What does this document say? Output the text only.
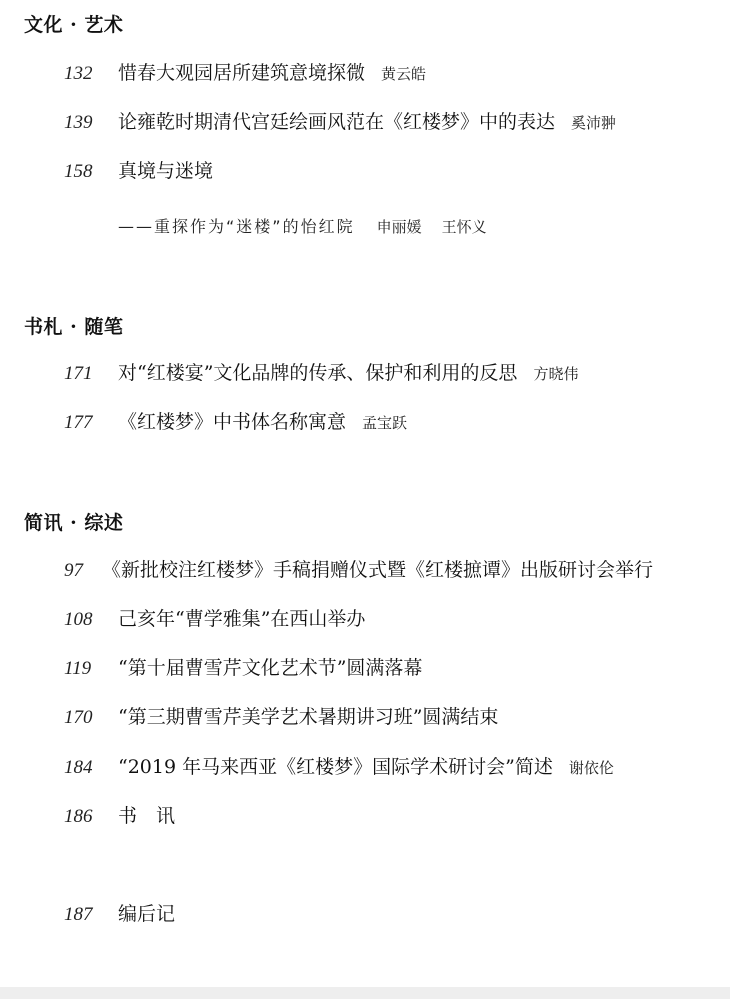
文化 · 艺术
132	惜春大观园居所建筑意境探微 黄云皓
139	论雍乾时期清代宫廷绘画风范在《红楼梦》中的表达 奚沛翀
158	真境与迷境
——重探作为“迷楼”的怡红院 申丽媛 王怀义
书札 · 随笔
171	对“红楼宴”文化品牌的传承、保护和利用的反思 方晓伟
177	《红楼梦》中书体名称寓意 孟宝跃
简讯 · 综述
97	《新批校注红楼梦》手稿捐赠仪式暨《红楼摭谭》出版研讨会举行
108	己亥年“曹学雅集”在西山举办
119	“第十届曹雪芹文化艺术节”圆满落幕
170	“第三期曹雪芹美学艺术暑期讲习班”圆满结束
184	“2019 年马来西亚《红楼梦》国际学术研讨会”简述 谢依伦
186	书　讯
187	编后记
